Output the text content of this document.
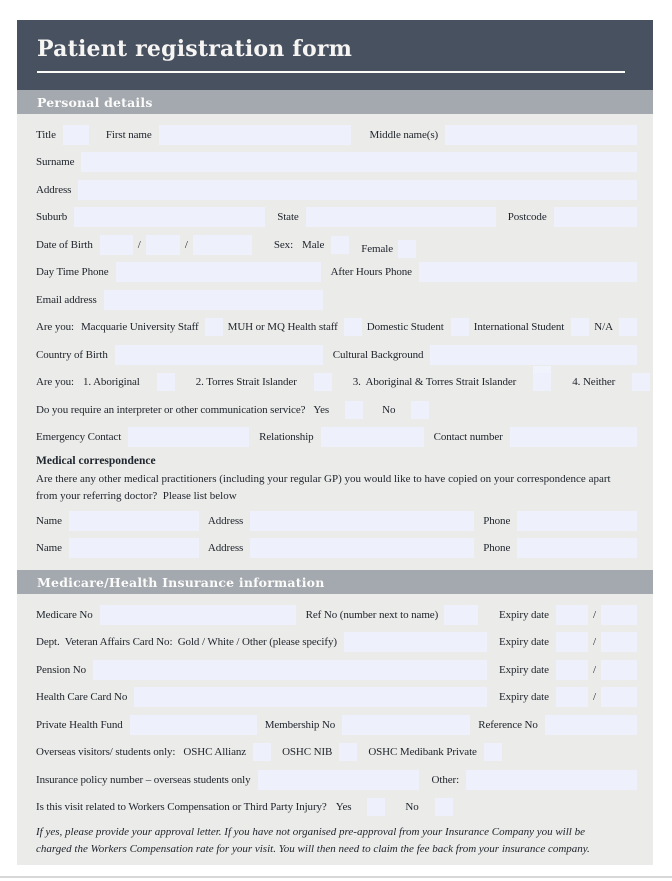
Patient registration form
Personal details
Title	First name	Middle name(s)
Surname
Address
Suburb	State	Postcode
Date of Birth	/	/	Sex: Male	Female
Day Time Phone	After Hours Phone
Email address
Are you: Macquarie University Staff	MUH or MQ Health staff	Domestic Student	International Student	N/A
Country of Birth	Cultural Background
Are you: 1. Aboriginal	2. Torres Strait Islander	3.  Aboriginal & Torres Strait Islander	4. Neither
Do you require an interpreter or other communication service? Yes	No
Emergency Contact	Relationship	Contact number
Medical correspondence

Are there any other medical practitioners (including your regular GP) you would like to have copied on your correspondence apart from your referring doctor?  Please list below

Name	Address	Phone
Name	Address	Phone
Medicare/Health Insurance information
Medicare No	Ref No (number next to name)	Expiry date	/
Dept.  Veteran Affairs Card No:  Gold / White / Other (please specify)	Expiry date	/
Pension No	Expiry date	/
Health Care Card No	Expiry date	/
Private Health Fund	Membership No	Reference No
Overseas visitors/ students only: OSHC Allianz	OSHC NIB	OSHC Medibank Private
Insurance policy number – overseas students only	Other:
Is this visit related to Workers Compensation or Third Party Injury? Yes	No

If yes, please provide your approval letter. If you have not organised pre-approval from your Insurance Company you will be charged the Workers Compensation rate for your visit. You will then need to claim the fee back from your insurance company.
